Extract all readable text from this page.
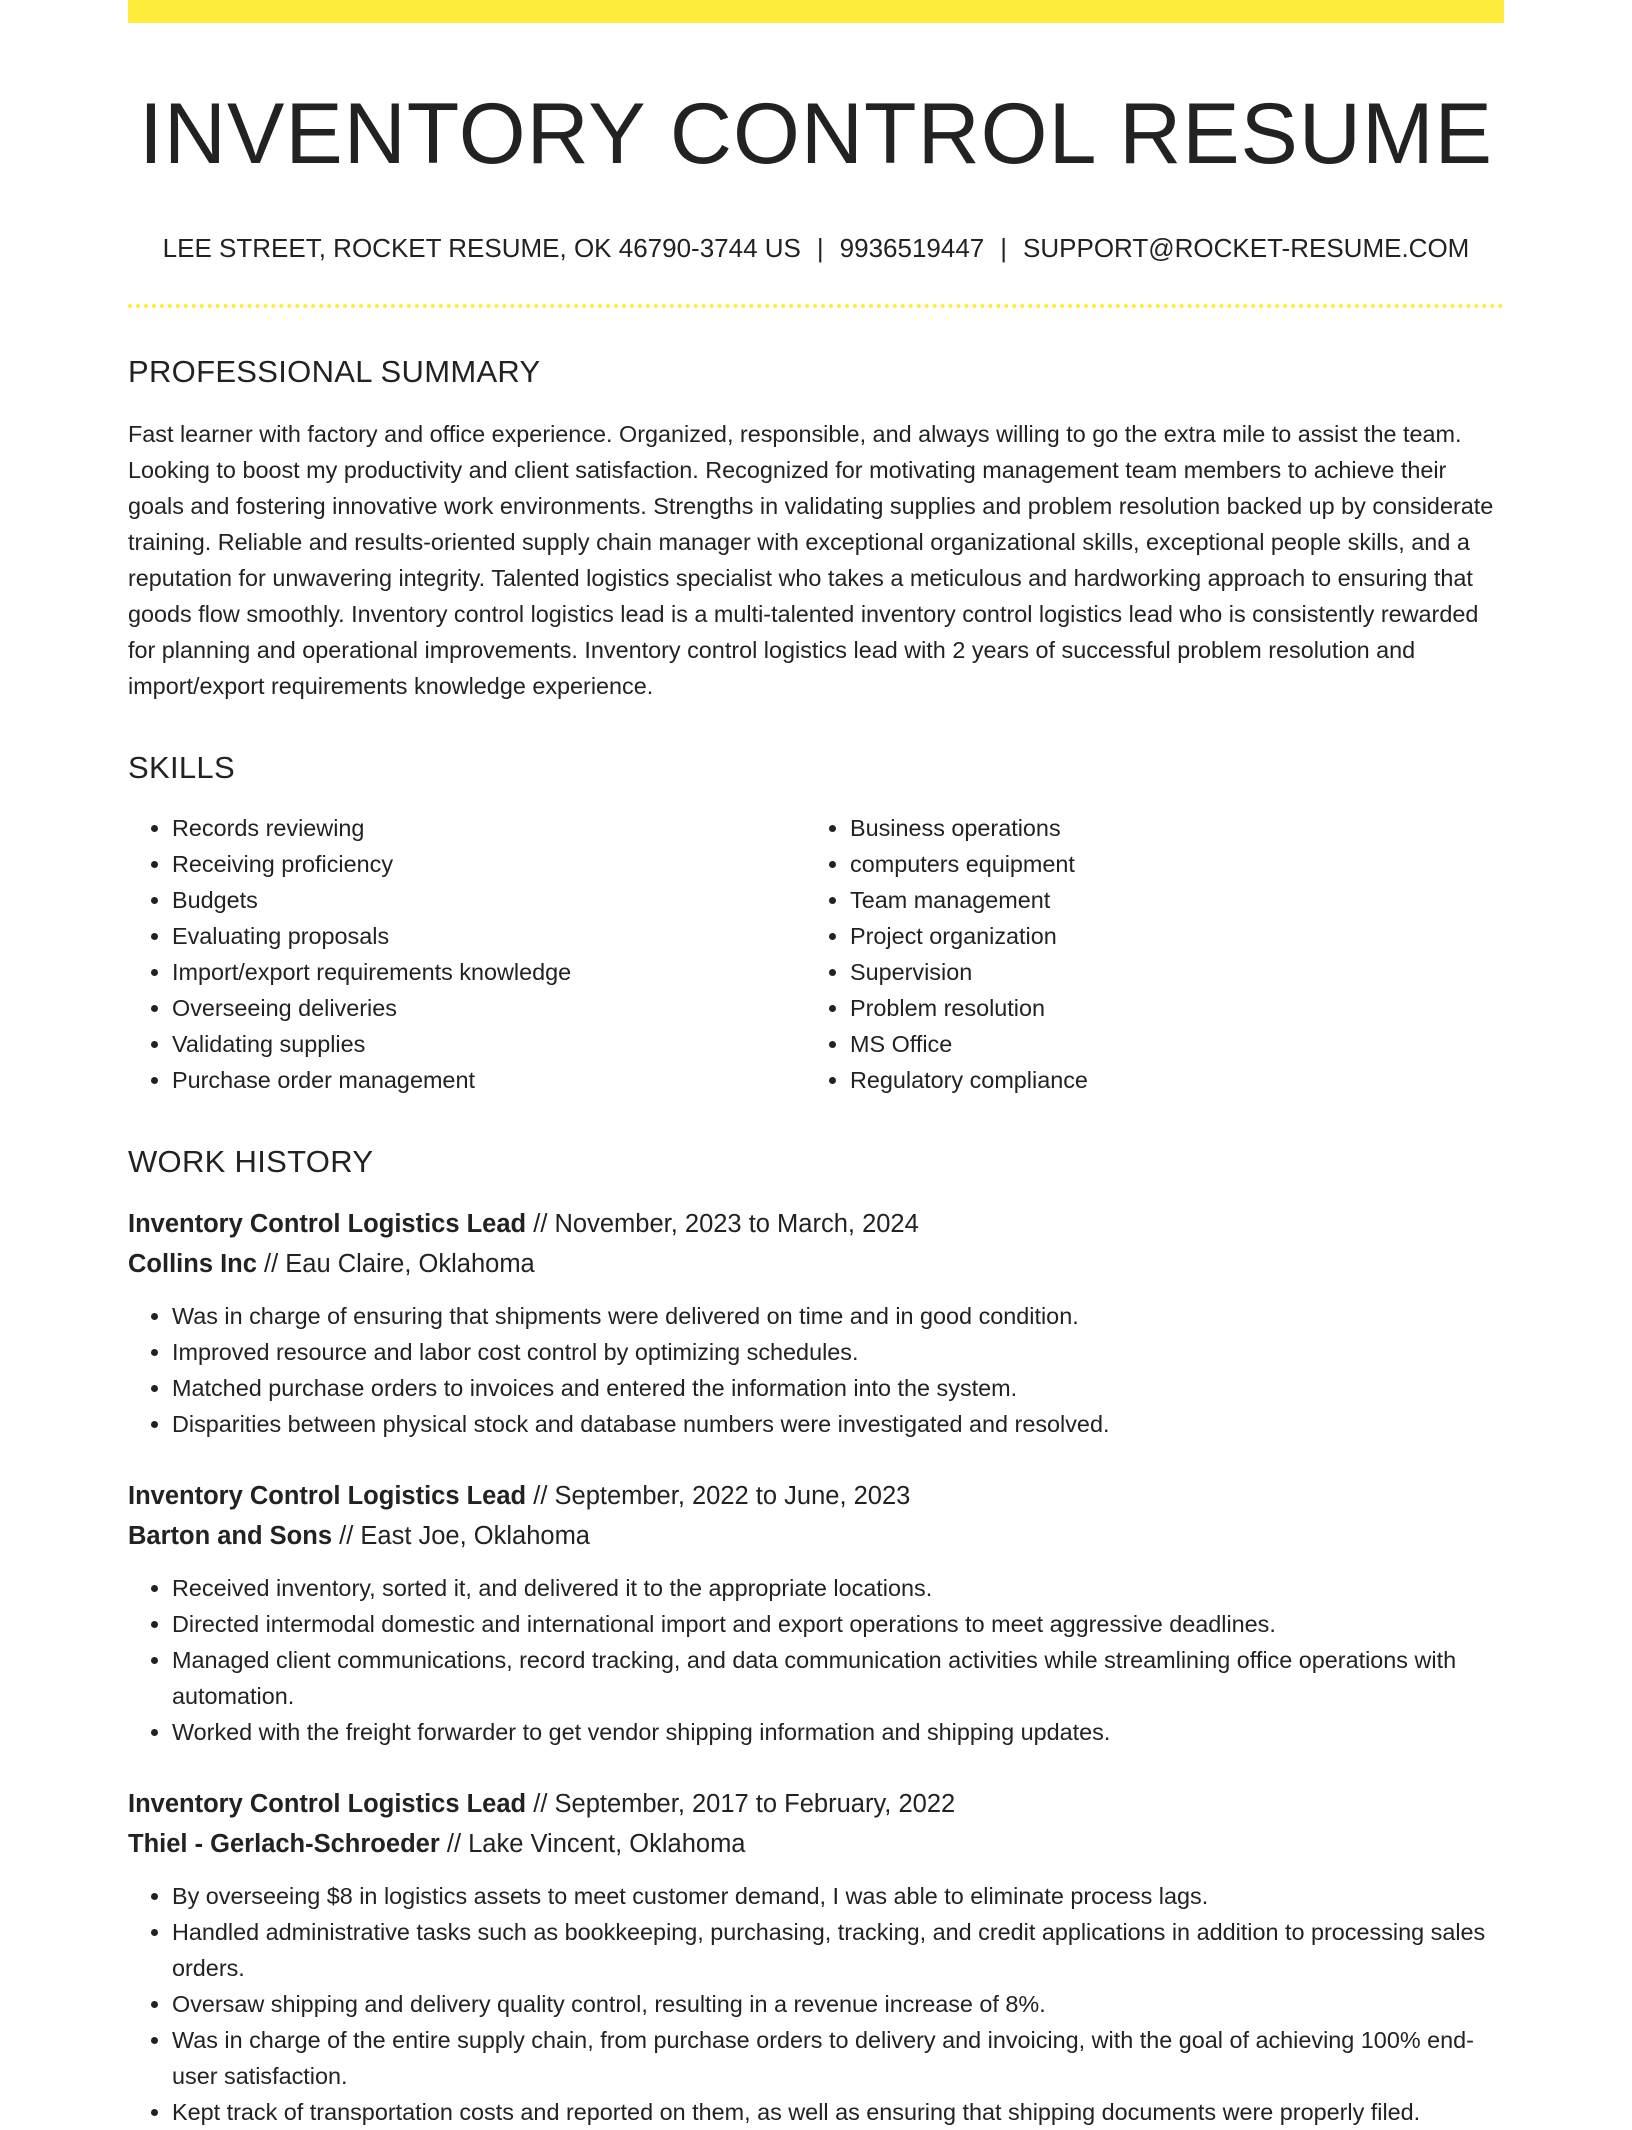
INVENTORY CONTROL RESUME
LEE STREET, ROCKET RESUME, OK 46790-3744 US | 9936519447 | SUPPORT@ROCKET-RESUME.COM
PROFESSIONAL SUMMARY

Fast learner with factory and office experience. Organized, responsible, and always willing to go the extra mile to assist the team. Looking to boost my productivity and client satisfaction. Recognized for motivating management team members to achieve their goals and fostering innovative work environments. Strengths in validating supplies and problem resolution backed up by considerate training. Reliable and results-oriented supply chain manager with exceptional organizational skills, exceptional people skills, and a reputation for unwavering integrity. Talented logistics specialist who takes a meticulous and hardworking approach to ensuring that goods flow smoothly. Inventory control logistics lead is a multi-talented inventory control logistics lead who is consistently rewarded for planning and operational improvements. Inventory control logistics lead with 2 years of successful problem resolution and import/export requirements knowledge experience.

SKILLS
• Records reviewing
• Receiving proficiency
• Budgets
• Evaluating proposals
• Import/export requirements knowledge
• Overseeing deliveries
• Validating supplies
• Purchase order management
• Business operations
• computers equipment
• Team management
• Project organization
• Supervision
• Problem resolution
• MS Office
• Regulatory compliance
WORK HISTORY
Inventory Control Logistics Lead // November, 2023 to March, 2024
Collins Inc // Eau Claire, Oklahoma
• Was in charge of ensuring that shipments were delivered on time and in good condition.
• Improved resource and labor cost control by optimizing schedules.
• Matched purchase orders to invoices and entered the information into the system.
• Disparities between physical stock and database numbers were investigated and resolved.
Inventory Control Logistics Lead // September, 2022 to June, 2023
Barton and Sons // East Joe, Oklahoma
• Received inventory, sorted it, and delivered it to the appropriate locations.
• Directed intermodal domestic and international import and export operations to meet aggressive deadlines.
• Managed client communications, record tracking, and data communication activities while streamlining office operations with automation.
• Worked with the freight forwarder to get vendor shipping information and shipping updates.
Inventory Control Logistics Lead // September, 2017 to February, 2022
Thiel - Gerlach-Schroeder // Lake Vincent, Oklahoma
• By overseeing $8 in logistics assets to meet customer demand, I was able to eliminate process lags.
• Handled administrative tasks such as bookkeeping, purchasing, tracking, and credit applications in addition to processing sales orders.
• Oversaw shipping and delivery quality control, resulting in a revenue increase of 8%.
• Was in charge of the entire supply chain, from purchase orders to delivery and invoicing, with the goal of achieving 100% end-user satisfaction.
• Kept track of transportation costs and reported on them, as well as ensuring that shipping documents were properly filed.
